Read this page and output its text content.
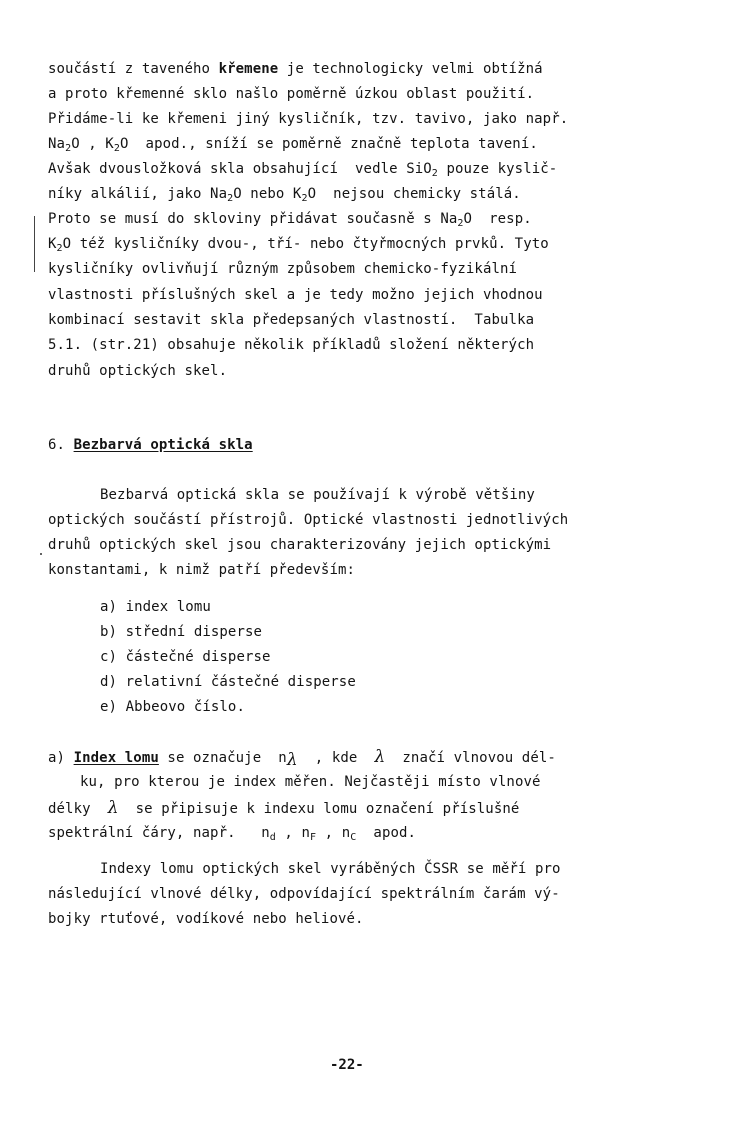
součástí z taveného křemene je technologicky velmi obtížná
a proto křemenné sklo našlo poměrně úzkou oblast použití.
Přidáme-li ke křemeni jiný kysličník, tzv. tavivo, jako např.
$Na_2O$ , $K_2O$  apod., sníží se poměrně značně teplota tavení.
Avšak dvousložková skla obsahující  vedle SiO$_2$ pouze kyslič-
níky alkálií, jako $Na_2O$ nebo $K_2O$  nejsou chemicky stálá.
Proto se musí do skloviny přidávat současně s $Na_2O$  resp.
$K_2O$ též kysličníky dvou-, tří- nebo čtyřmocných prvků. Tyto
kysličníky ovlivňují různým způsobem chemicko-fyzikální
vlastnosti příslušných skel a je tedy možno jejich vhodnou
kombinací sestavit skla předepsaných vlastností.  Tabulka
5.1. (str.21) obsahuje několik příkladů složení některých
druhů optických skel.
6. Bezbarvá optická skla
Bezbarvá optická skla se používají k výrobě většiny
optických součástí přístrojů. Optické vlastnosti jednotlivých
druhů optických skel jsou charakterizovány jejich optickými
konstantami, k nimž patří především:
a) index lomu
b) střední disperse
c) částečné disperse
d) relativní částečné disperse
e) Abbeovo číslo.
a) Index lomu se označuje  $n_\lambda$  , kde  λ  značí vlnovou dél-
ku, pro kterou je index měřen. Nejčastěji místo vlnové
délky  λ  se připisuje k indexu lomu označení příslušné
spektrální čáry, např.   $n_d$ , $n_F$ , $n_C$  apod.
Indexy lomu optických skel vyráběných ČSSR se měří pro
následující vlnové délky, odpovídající spektrálním čarám vý-
bojky rtuťové, vodíkové nebo heliové.
-22-
